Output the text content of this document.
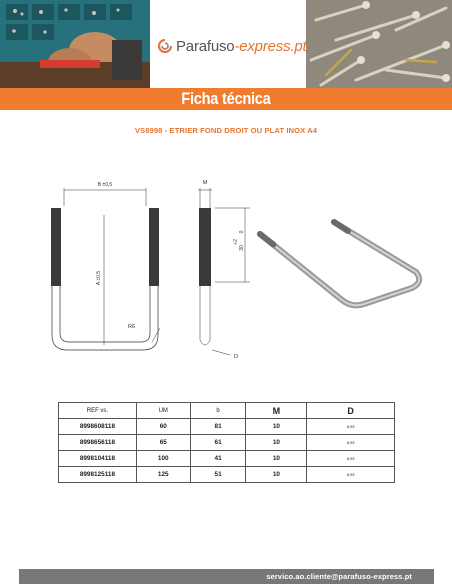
Parafuso-express.pt
Ficha técnica
VS8998 - ETRIER FOND DROIT OU PLAT INOX A4
B ±0,5
A ±0,5
R6
M
D
+2
30
0
REF vs.	UM	b	M	D
8998608118	60	81	10	8,93
8998656118	65	61	10	8,93
8998104118	100	41	10	8,93
8998125118	125	51	10	8,93
servico.ao.cliente@parafuso-express.pt
